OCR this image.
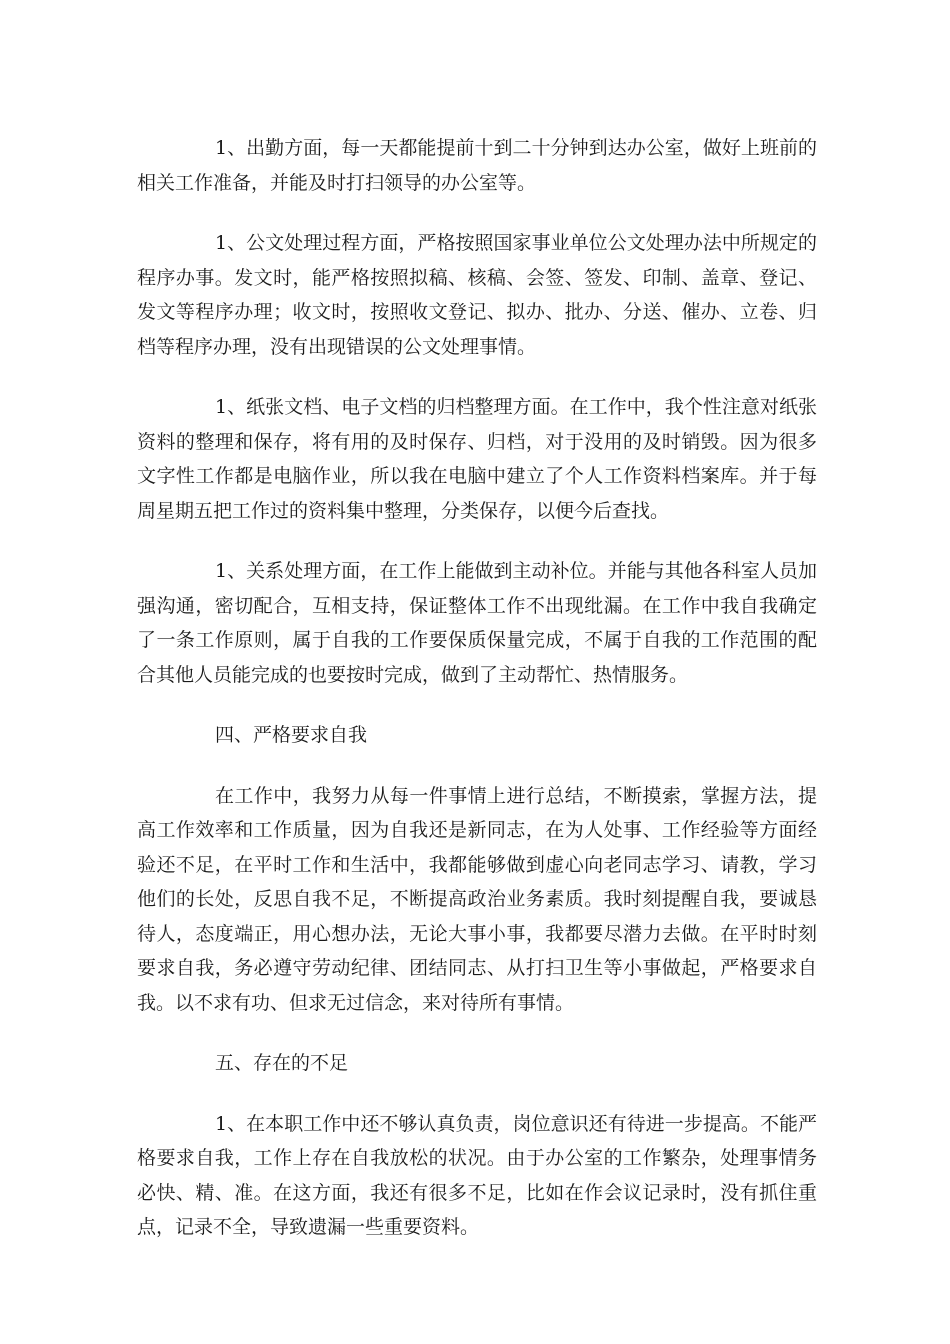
1、出勤方面，每一天都能提前十到二十分钟到达办公室，做好上班前的相关工作准备，并能及时打扫领导的办公室等。

1、公文处理过程方面，严格按照国家事业单位公文处理办法中所规定的程序办事。发文时，能严格按照拟稿、核稿、会签、签发、印制、盖章、登记、发文等程序办理；收文时，按照收文登记、拟办、批办、分送、催办、立卷、归档等程序办理，没有出现错误的公文处理事情。

1、纸张文档、电子文档的归档整理方面。在工作中，我个性注意对纸张资料的整理和保存，将有用的及时保存、归档，对于没用的及时销毁。因为很多文字性工作都是电脑作业，所以我在电脑中建立了个人工作资料档案库。并于每周星期五把工作过的资料集中整理，分类保存，以便今后查找。

1、关系处理方面，在工作上能做到主动补位。并能与其他各科室人员加强沟通，密切配合，互相支持，保证整体工作不出现纰漏。在工作中我自我确定了一条工作原则，属于自我的工作要保质保量完成，不属于自我的工作范围的配合其他人员能完成的也要按时完成，做到了主动帮忙、热情服务。

四、严格要求自我

在工作中，我努力从每一件事情上进行总结，不断摸索，掌握方法，提高工作效率和工作质量，因为自我还是新同志，在为人处事、工作经验等方面经验还不足，在平时工作和生活中，我都能够做到虚心向老同志学习、请教，学习他们的长处，反思自我不足，不断提高政治业务素质。我时刻提醒自我，要诚恳待人，态度端正，用心想办法，无论大事小事，我都要尽潜力去做。在平时时刻要求自我，务必遵守劳动纪律、团结同志、从打扫卫生等小事做起，严格要求自我。以不求有功、但求无过信念，来对待所有事情。

五、存在的不足

1、在本职工作中还不够认真负责，岗位意识还有待进一步提高。不能严格要求自我，工作上存在自我放松的状况。由于办公室的工作繁杂，处理事情务必快、精、准。在这方面，我还有很多不足，比如在作会议记录时，没有抓住重点，记录不全，导致遗漏一些重要资料。
